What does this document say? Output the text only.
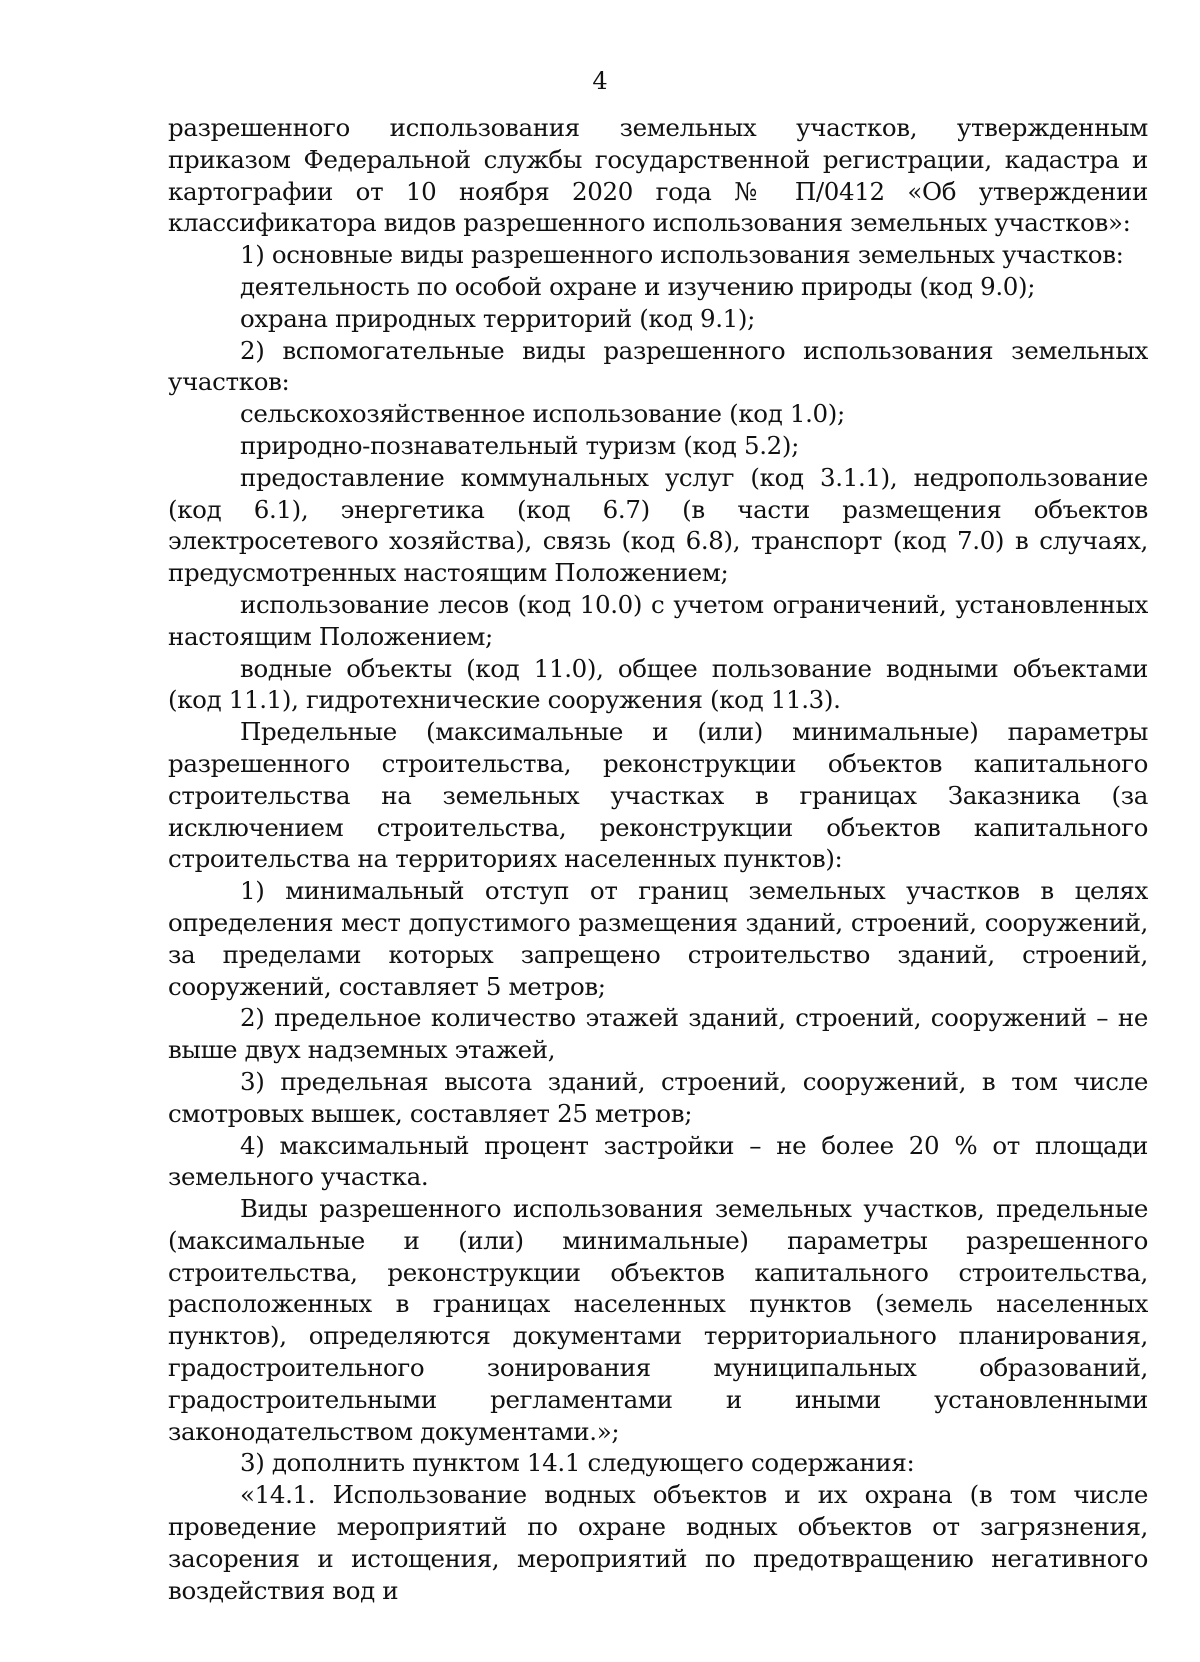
4

разрешенного использования земельных участков, утвержденным приказом Федеральной службы государственной регистрации, кадастра и картографии от 10 ноября 2020 года № П/0412 «Об утверждении классификатора видов разрешенного использования земельных участков»:

1) основные виды разрешенного использования земельных участков:

деятельность по особой охране и изучению природы (код 9.0);

охрана природных территорий (код 9.1);

2) вспомогательные виды разрешенного использования земельных участков:

сельскохозяйственное использование (код 1.0);

природно-познавательный туризм (код 5.2);

предоставление коммунальных услуг (код 3.1.1), недропользование (код 6.1), энергетика (код 6.7) (в части размещения объектов электросетевого хозяйства), связь (код 6.8), транспорт (код 7.0) в случаях, предусмотренных настоящим Положением;

использование лесов (код 10.0) с учетом ограничений, установленных настоящим Положением;

водные объекты (код 11.0), общее пользование водными объектами (код 11.1), гидротехнические сооружения (код 11.3).

Предельные (максимальные и (или) минимальные) параметры разрешенного строительства, реконструкции объектов капитального строительства на земельных участках в границах Заказника (за исключением строительства, реконструкции объектов капитального строительства на территориях населенных пунктов):

1) минимальный отступ от границ земельных участков в целях определения мест допустимого размещения зданий, строений, сооружений, за пределами которых запрещено строительство зданий, строений, сооружений, составляет 5 метров;

2) предельное количество этажей зданий, строений, сооружений – не выше двух надземных этажей,

3) предельная высота зданий, строений, сооружений, в том числе смотровых вышек, составляет 25 метров;

4) максимальный процент застройки – не более 20 % от площади земельного участка.

Виды разрешенного использования земельных участков, предельные (максимальные и (или) минимальные) параметры разрешенного строительства, реконструкции объектов капитального строительства, расположенных в границах населенных пунктов (земель населенных пунктов), определяются документами территориального планирования, градостроительного зонирования муниципальных образований, градостроительными регламентами и иными установленными законодательством документами.»;

3) дополнить пунктом 14.1 следующего содержания:

«14.1. Использование водных объектов и их охрана (в том числе проведение мероприятий по охране водных объектов от загрязнения, засорения и истощения, мероприятий по предотвращению негативного воздействия вод и
